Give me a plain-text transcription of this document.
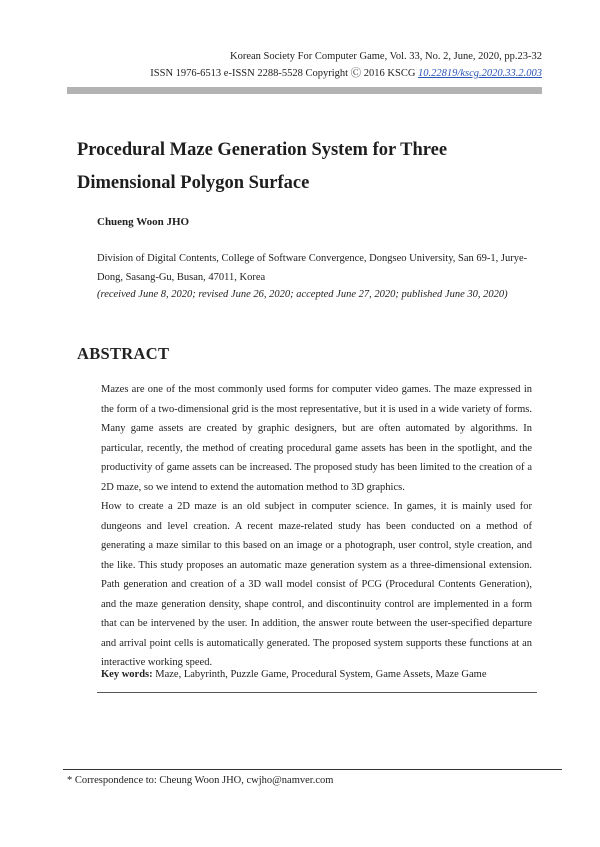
Korean Society For Computer Game, Vol. 33, No. 2, June, 2020, pp.23-32
ISSN 1976-6513 e-ISSN 2288-5528 Copyright Ⓒ 2016 KSCG 10.22819/kscg.2020.33.2.003
Procedural Maze Generation System for Three Dimensional Polygon Surface
Chueng Woon JHO
Division of Digital Contents, College of Software Convergence, Dongseo University, San 69-1, Jurye-Dong, Sasang-Gu, Busan, 47011, Korea
(received June 8, 2020; revised June 26, 2020; accepted June 27, 2020; published June 30, 2020)
ABSTRACT

Mazes are one of the most commonly used forms for computer video games. The maze expressed in the form of a two-dimensional grid is the most representative, but it is used in a wide variety of forms. Many game assets are created by graphic designers, but are often automated by algorithms. In particular, recently, the method of creating procedural game assets has been in the spotlight, and the productivity of game assets can be increased. The proposed study has been limited to the creation of a 2D maze, so we intend to extend the automation method to 3D graphics.

How to create a 2D maze is an old subject in computer science. In games, it is mainly used for dungeons and level creation. A recent maze-related study has been conducted on a method of generating a maze similar to this based on an image or a photograph, user control, style creation, and the like. This study proposes an automatic maze generation system as a three-dimensional extension. Path generation and creation of a 3D wall model consist of PCG (Procedural Contents Generation), and the maze generation density, shape control, and discontinuity control are implemented in a form that can be intervened by the user. In addition, the answer route between the user-specified departure and arrival point cells is automatically generated. The proposed system supports these functions at an interactive working speed.

Key words: Maze, Labyrinth, Puzzle Game, Procedural System, Game Assets, Maze Game
* Correspondence to: Cheung Woon JHO, cwjho@namver.com
